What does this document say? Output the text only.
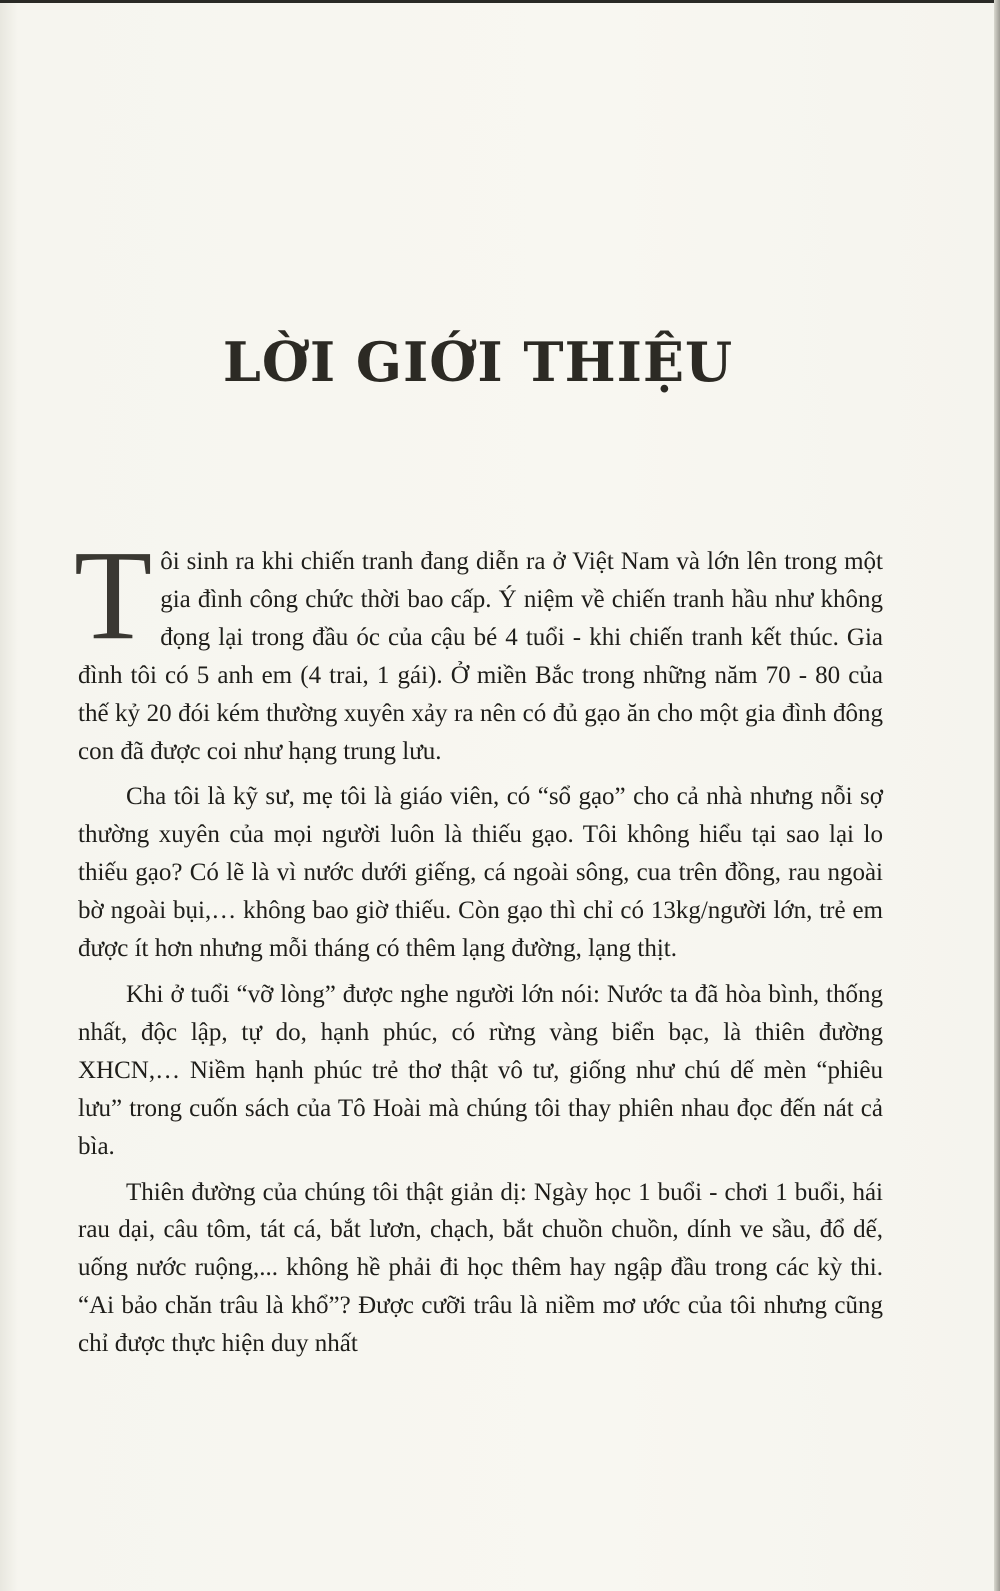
LỜI GIỚI THIỆU

Tôi sinh ra khi chiến tranh đang diễn ra ở Việt Nam và lớn lên trong một gia đình công chức thời bao cấp. Ý niệm về chiến tranh hầu như không đọng lại trong đầu óc của cậu bé 4 tuổi - khi chiến tranh kết thúc. Gia đình tôi có 5 anh em (4 trai, 1 gái). Ở miền Bắc trong những năm 70 - 80 của thế kỷ 20 đói kém thường xuyên xảy ra nên có đủ gạo ăn cho một gia đình đông con đã được coi như hạng trung lưu.

Cha tôi là kỹ sư, mẹ tôi là giáo viên, có “sổ gạo” cho cả nhà nhưng nỗi sợ thường xuyên của mọi người luôn là thiếu gạo. Tôi không hiểu tại sao lại lo thiếu gạo? Có lẽ là vì nước dưới giếng, cá ngoài sông, cua trên đồng, rau ngoài bờ ngoài bụi,… không bao giờ thiếu. Còn gạo thì chỉ có 13kg/người lớn, trẻ em được ít hơn nhưng mỗi tháng có thêm lạng đường, lạng thịt.

Khi ở tuổi “vỡ lòng” được nghe người lớn nói: Nước ta đã hòa bình, thống nhất, độc lập, tự do, hạnh phúc, có rừng vàng biển bạc, là thiên đường XHCN,… Niềm hạnh phúc trẻ thơ thật vô tư, giống như chú dế mèn “phiêu lưu” trong cuốn sách của Tô Hoài mà chúng tôi thay phiên nhau đọc đến nát cả bìa.

Thiên đường của chúng tôi thật giản dị: Ngày học 1 buổi - chơi 1 buổi, hái rau dại, câu tôm, tát cá, bắt lươn, chạch, bắt chuồn chuồn, dính ve sầu, đổ dế, uống nước ruộng,... không hề phải đi học thêm hay ngập đầu trong các kỳ thi. “Ai bảo chăn trâu là khổ”? Được cưỡi trâu là niềm mơ ước của tôi nhưng cũng chỉ được thực hiện duy nhất
